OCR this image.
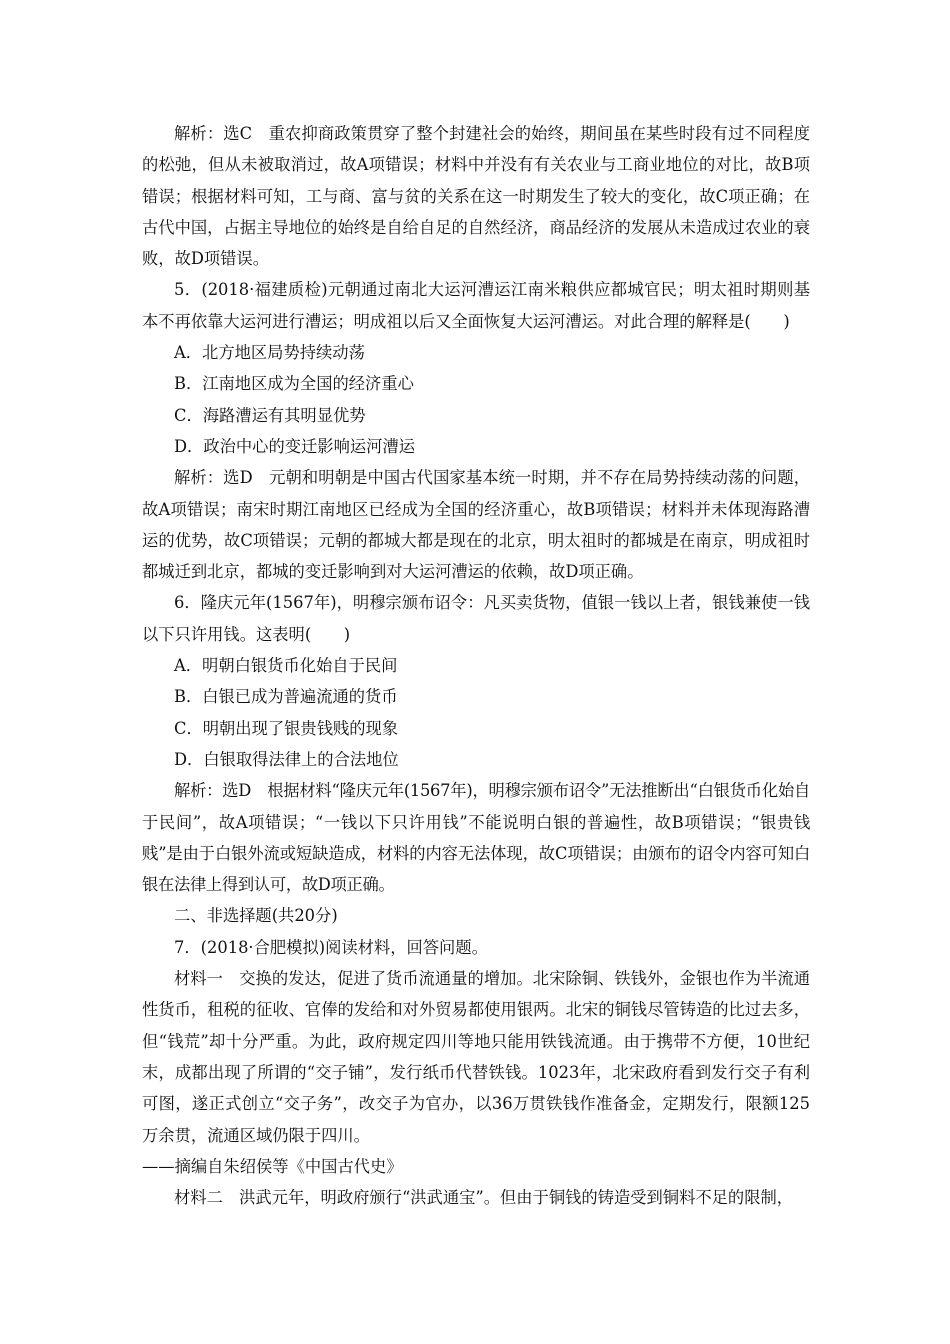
解析：选C　重农抑商政策贯穿了整个封建社会的始终，期间虽在某些时段有过不同程度的松弛，但从未被取消过，故A项错误；材料中并没有有关农业与工商业地位的对比，故B项错误；根据材料可知，工与商、富与贫的关系在这一时期发生了较大的变化，故C项正确；在古代中国，占据主导地位的始终是自给自足的自然经济，商品经济的发展从未造成过农业的衰败，故D项错误。

5．(2018·福建质检)元朝通过南北大运河漕运江南米粮供应都城官民；明太祖时期则基本不再依靠大运河进行漕运；明成祖以后又全面恢复大运河漕运。对此合理的解释是(　　)

A．北方地区局势持续动荡

B．江南地区成为全国的经济重心

C．海路漕运有其明显优势

D．政治中心的变迁影响运河漕运

解析：选D　元朝和明朝是中国古代国家基本统一时期，并不存在局势持续动荡的问题，故A项错误；南宋时期江南地区已经成为全国的经济重心，故B项错误；材料并未体现海路漕运的优势，故C项错误；元朝的都城大都是现在的北京，明太祖时的都城是在南京，明成祖时都城迁到北京，都城的变迁影响到对大运河漕运的依赖，故D项正确。

6．隆庆元年(1567年)，明穆宗颁布诏令：凡买卖货物，值银一钱以上者，银钱兼使一钱以下只许用钱。这表明(　　)

A．明朝白银货币化始自于民间

B．白银已成为普遍流通的货币

C．明朝出现了银贵钱贱的现象

D．白银取得法律上的合法地位

解析：选D　根据材料“隆庆元年(1567年)，明穆宗颁布诏令”无法推断出“白银货币化始自于民间”，故A项错误；“一钱以下只许用钱”不能说明白银的普遍性，故B项错误；“银贵钱贱”是由于白银外流或短缺造成，材料的内容无法体现，故C项错误；由颁布的诏令内容可知白银在法律上得到认可，故D项正确。

二、非选择题(共20分)

7．(2018·合肥模拟)阅读材料，回答问题。

材料一　交换的发达，促进了货币流通量的增加。北宋除铜、铁钱外，金银也作为半流通性货币，租税的征收、官俸的发给和对外贸易都使用银两。北宋的铜钱尽管铸造的比过去多，但“钱荒”却十分严重。为此，政府规定四川等地只能用铁钱流通。由于携带不方便，10世纪末，成都出现了所谓的“交子铺”，发行纸币代替铁钱。1023年，北宋政府看到发行交子有利可图，遂正式创立“交子务”，改交子为官办，以36万贯铁钱作准备金，定期发行，限额125万余贯，流通区域仍限于四川。

——摘编自朱绍侯等《中国古代史》

材料二　洪武元年，明政府颁行“洪武通宝”。但由于铜钱的铸造受到铜料不足的限制，
